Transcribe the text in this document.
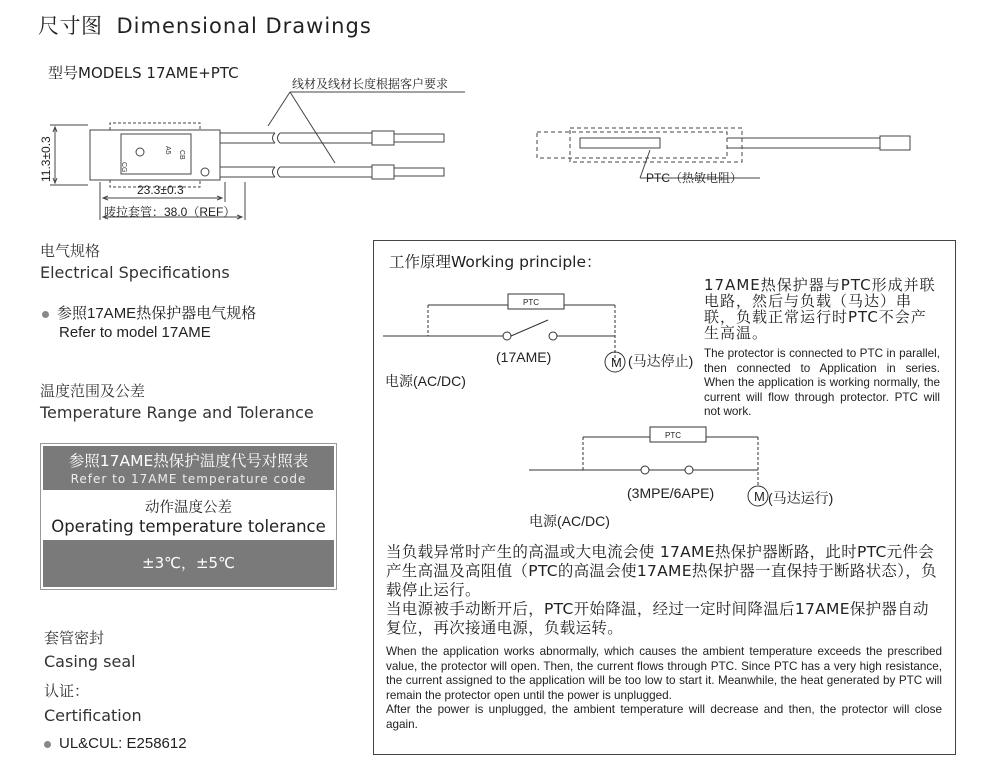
尺寸图 Dimensional Drawings
型号MODELS 17AME+PTC
A5 CB
CG
线材及线材长度根据客户要求
11.3±0.3
23.3±0.3
唛拉套管：38.0（REF）
PTC（热敏电阻）
电气规格
Electrical Specifications
参照17AME热保护器电气规格
Refer to model 17AME
温度范围及公差
Temperature Range and Tolerance
参照17AME热保护温度代号对照表
Refer to 17AME temperature code
动作温度公差
Operating temperature tolerance
±3℃，±5℃
套管密封
Casing seal
认证：
Certification
UL&CUL: E258612
工作原理Working principle：
PTC
PTC
M
M
(17AME)	(马达停止)
电源(AC/DC)
(3MPE/6APE)
电源(AC/DC)
(马达运行)
17AME热保护器与PTC形成并联电路，然后与负载（马达）串联，负载正常运行时PTC不会产生高温。
The protector is connected to PTC in parallel, then connected to Application in series. When the application is working normally, the current will flow through protector. PTC will not work.
当负载异常时产生的高温或大电流会使 17AME热保护器断路，此时PTC元件会产生高温及高阻值（PTC的高温会使17AME热保护器一直保持于断路状态），负载停止运行。
当电源被手动断开后，PTC开始降温，经过一定时间降温后17AME保护器自动复位，再次接通电源，负载运转。
When the application works abnormally, which causes the ambient temperature exceeds the prescribed value, the protector will open. Then, the current flows through PTC. Since PTC has a very high resistance, the current assigned to the application will be too low to start it. Meanwhile, the heat generated by PTC will remain the protector open until the power is unplugged.
After the power is unplugged, the ambient temperature will decrease and then, the protector will close again.
